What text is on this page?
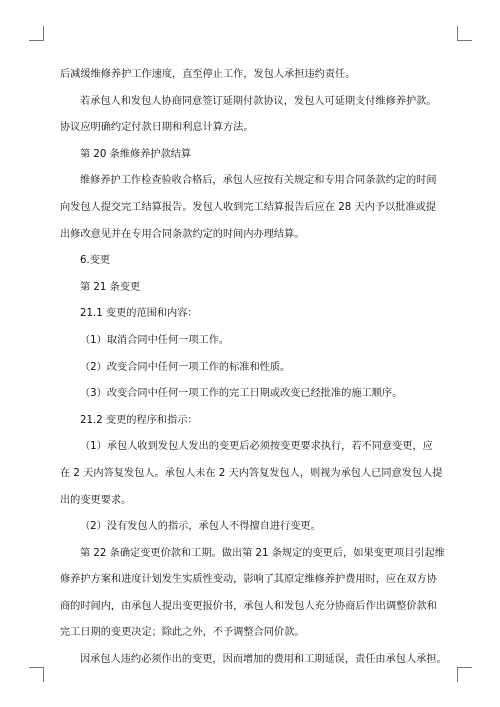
后减缓维修养护工作速度，直至停止工作，发包人承担违约责任。
若承包人和发包人协商同意签订延期付款协议，发包人可延期支付维修养护款。
协议应明确约定付款日期和利息计算方法。
第 20 条维修养护款结算
维修养护工作检查验收合格后，承包人应按有关规定和专用合同条款约定的时间
向发包人提交完工结算报告。发包人收到完工结算报告后应在 28 天内予以批准或提
出修改意见并在专用合同条款约定的时间内办理结算。
6.变更
第 21 条变更
21.1 变更的范围和内容：
（1）取消合同中任何一项工作。
（2）改变合同中任何一项工作的标准和性质。
（3）改变合同中任何一项工作的完工日期或改变已经批准的施工顺序。
21.2 变更的程序和指示：
（1）承包人收到发包人发出的变更后必须按变更要求执行，若不同意变更，应
在 2 天内答复发包人。承包人未在 2 天内答复发包人，则视为承包人已同意发包人提
出的变更要求。
（2）没有发包人的指示，承包人不得擅自进行变更。
第 22 条确定变更价款和工期。做出第 21 条规定的变更后，如果变更项目引起维
修养护方案和进度计划发生实质性变动，影响了其原定维修养护费用时，应在双方协
商的时间内，由承包人提出变更报价书，承包人和发包人充分协商后作出调整价款和
完工日期的变更决定；除此之外，不予调整合同价款。
因承包人违约必须作出的变更，因而增加的费用和工期延误，责任由承包人承担。
